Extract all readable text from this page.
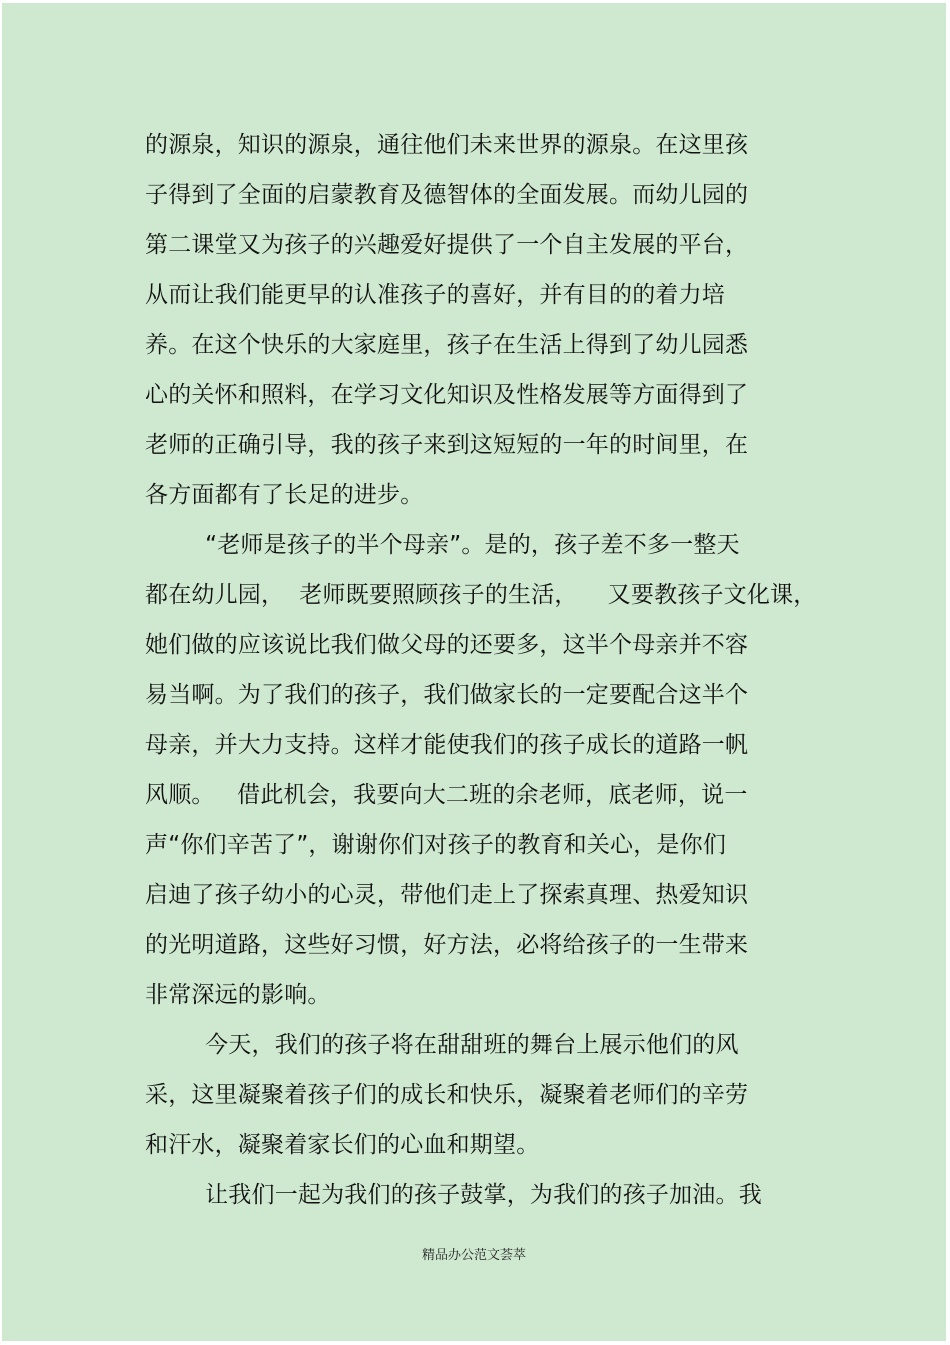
的源泉，知识的源泉，通往他们未来世界的源泉。在这里孩
子得到了全面的启蒙教育及德智体的全面发展。而幼儿园的
第二课堂又为孩子的兴趣爱好提供了一个自主发展的平台，
从而让我们能更早的认准孩子的喜好，并有目的的着力培
养。在这个快乐的大家庭里，孩子在生活上得到了幼儿园悉
心的关怀和照料，在学习文化知识及性格发展等方面得到了
老师的正确引导，我的孩子来到这短短的一年的时间里，在
各方面都有了长足的进步。
“老师是孩子的半个母亲”。是的，孩子差不多一整天
都在幼儿园，  老师既要照顾孩子的生活，    又要教孩子文化课，
她们做的应该说比我们做父母的还要多，这半个母亲并不容
易当啊。为了我们的孩子，我们做家长的一定要配合这半个
母亲，并大力支持。这样才能使我们的孩子成长的道路一帆
风顺。   借此机会，我要向大二班的余老师，底老师，说一
声“你们辛苦了”，谢谢你们对孩子的教育和关心，是你们
启迪了孩子幼小的心灵，带他们走上了探索真理、热爱知识
的光明道路，这些好习惯，好方法，必将给孩子的一生带来
非常深远的影响。
今天，我们的孩子将在甜甜班的舞台上展示他们的风
采，这里凝聚着孩子们的成长和快乐，凝聚着老师们的辛劳
和汗水，凝聚着家长们的心血和期望。
让我们一起为我们的孩子鼓掌，为我们的孩子加油。我
精品办公范文荟萃
